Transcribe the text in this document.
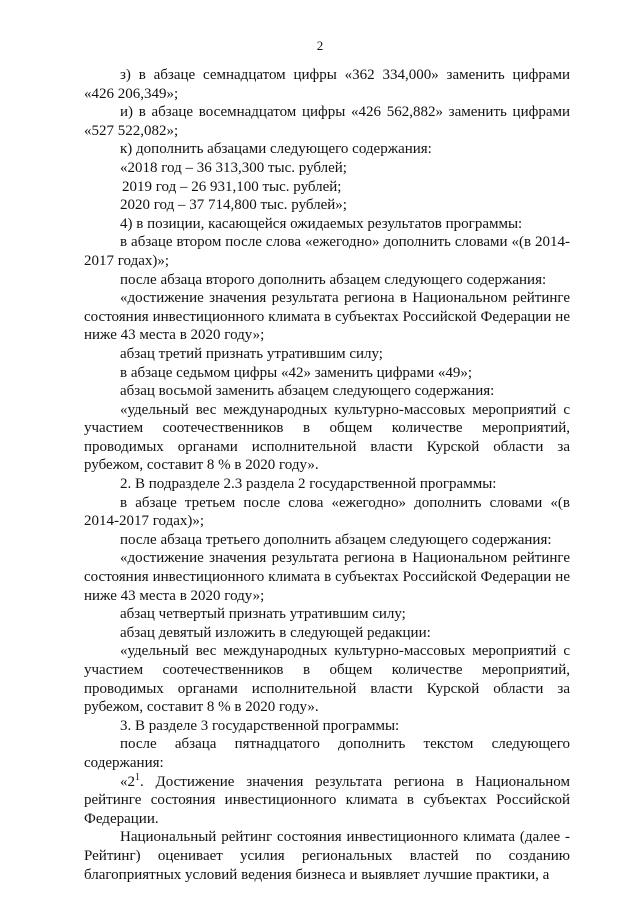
2

з) в абзаце семнадцатом цифры «362 334,000» заменить цифрами «426 206,349»;

и) в абзаце восемнадцатом цифры «426 562,882» заменить цифрами «527 522,082»;

к) дополнить абзацами следующего содержания:

«2018 год – 36 313,300 тыс. рублей;

2019 год – 26 931,100 тыс. рублей;

2020 год – 37 714,800 тыс. рублей»;

4) в позиции, касающейся ожидаемых результатов программы:

в абзаце втором после слова «ежегодно» дополнить словами «(в 2014-2017 годах)»;

после абзаца второго дополнить абзацем следующего содержания:

«достижение значения результата региона в Национальном рейтинге состояния инвестиционного климата в субъектах Российской Федерации не ниже 43 места в 2020 году»;

абзац третий признать утратившим силу;

в абзаце седьмом цифры «42» заменить цифрами «49»;

абзац восьмой заменить абзацем следующего содержания:

«удельный вес международных культурно-массовых мероприятий с участием соотечественников в общем количестве мероприятий, проводимых органами исполнительной власти Курской области за рубежом, составит 8 % в 2020 году».

2. В подразделе 2.3 раздела 2 государственной программы:

в абзаце третьем после слова «ежегодно» дополнить словами «(в 2014-2017 годах)»;

после абзаца третьего дополнить абзацем следующего содержания:

«достижение значения результата региона в Национальном рейтинге состояния инвестиционного климата в субъектах Российской Федерации не ниже 43 места в 2020 году»;

абзац четвертый признать утратившим силу;

абзац девятый изложить в следующей редакции:

«удельный вес международных культурно-массовых мероприятий с участием соотечественников в общем количестве мероприятий, проводимых органами исполнительной власти Курской области за рубежом, составит 8 % в 2020 году».

3. В разделе 3 государственной программы:

после абзаца пятнадцатого дополнить текстом следующего содержания:

«$2^1$. Достижение значения результата региона в Национальном рейтинге состояния инвестиционного климата в субъектах Российской Федерации.

Национальный рейтинг состояния инвестиционного климата (далее - Рейтинг) оценивает усилия региональных властей по созданию благоприятных условий ведения бизнеса и выявляет лучшие практики, а
